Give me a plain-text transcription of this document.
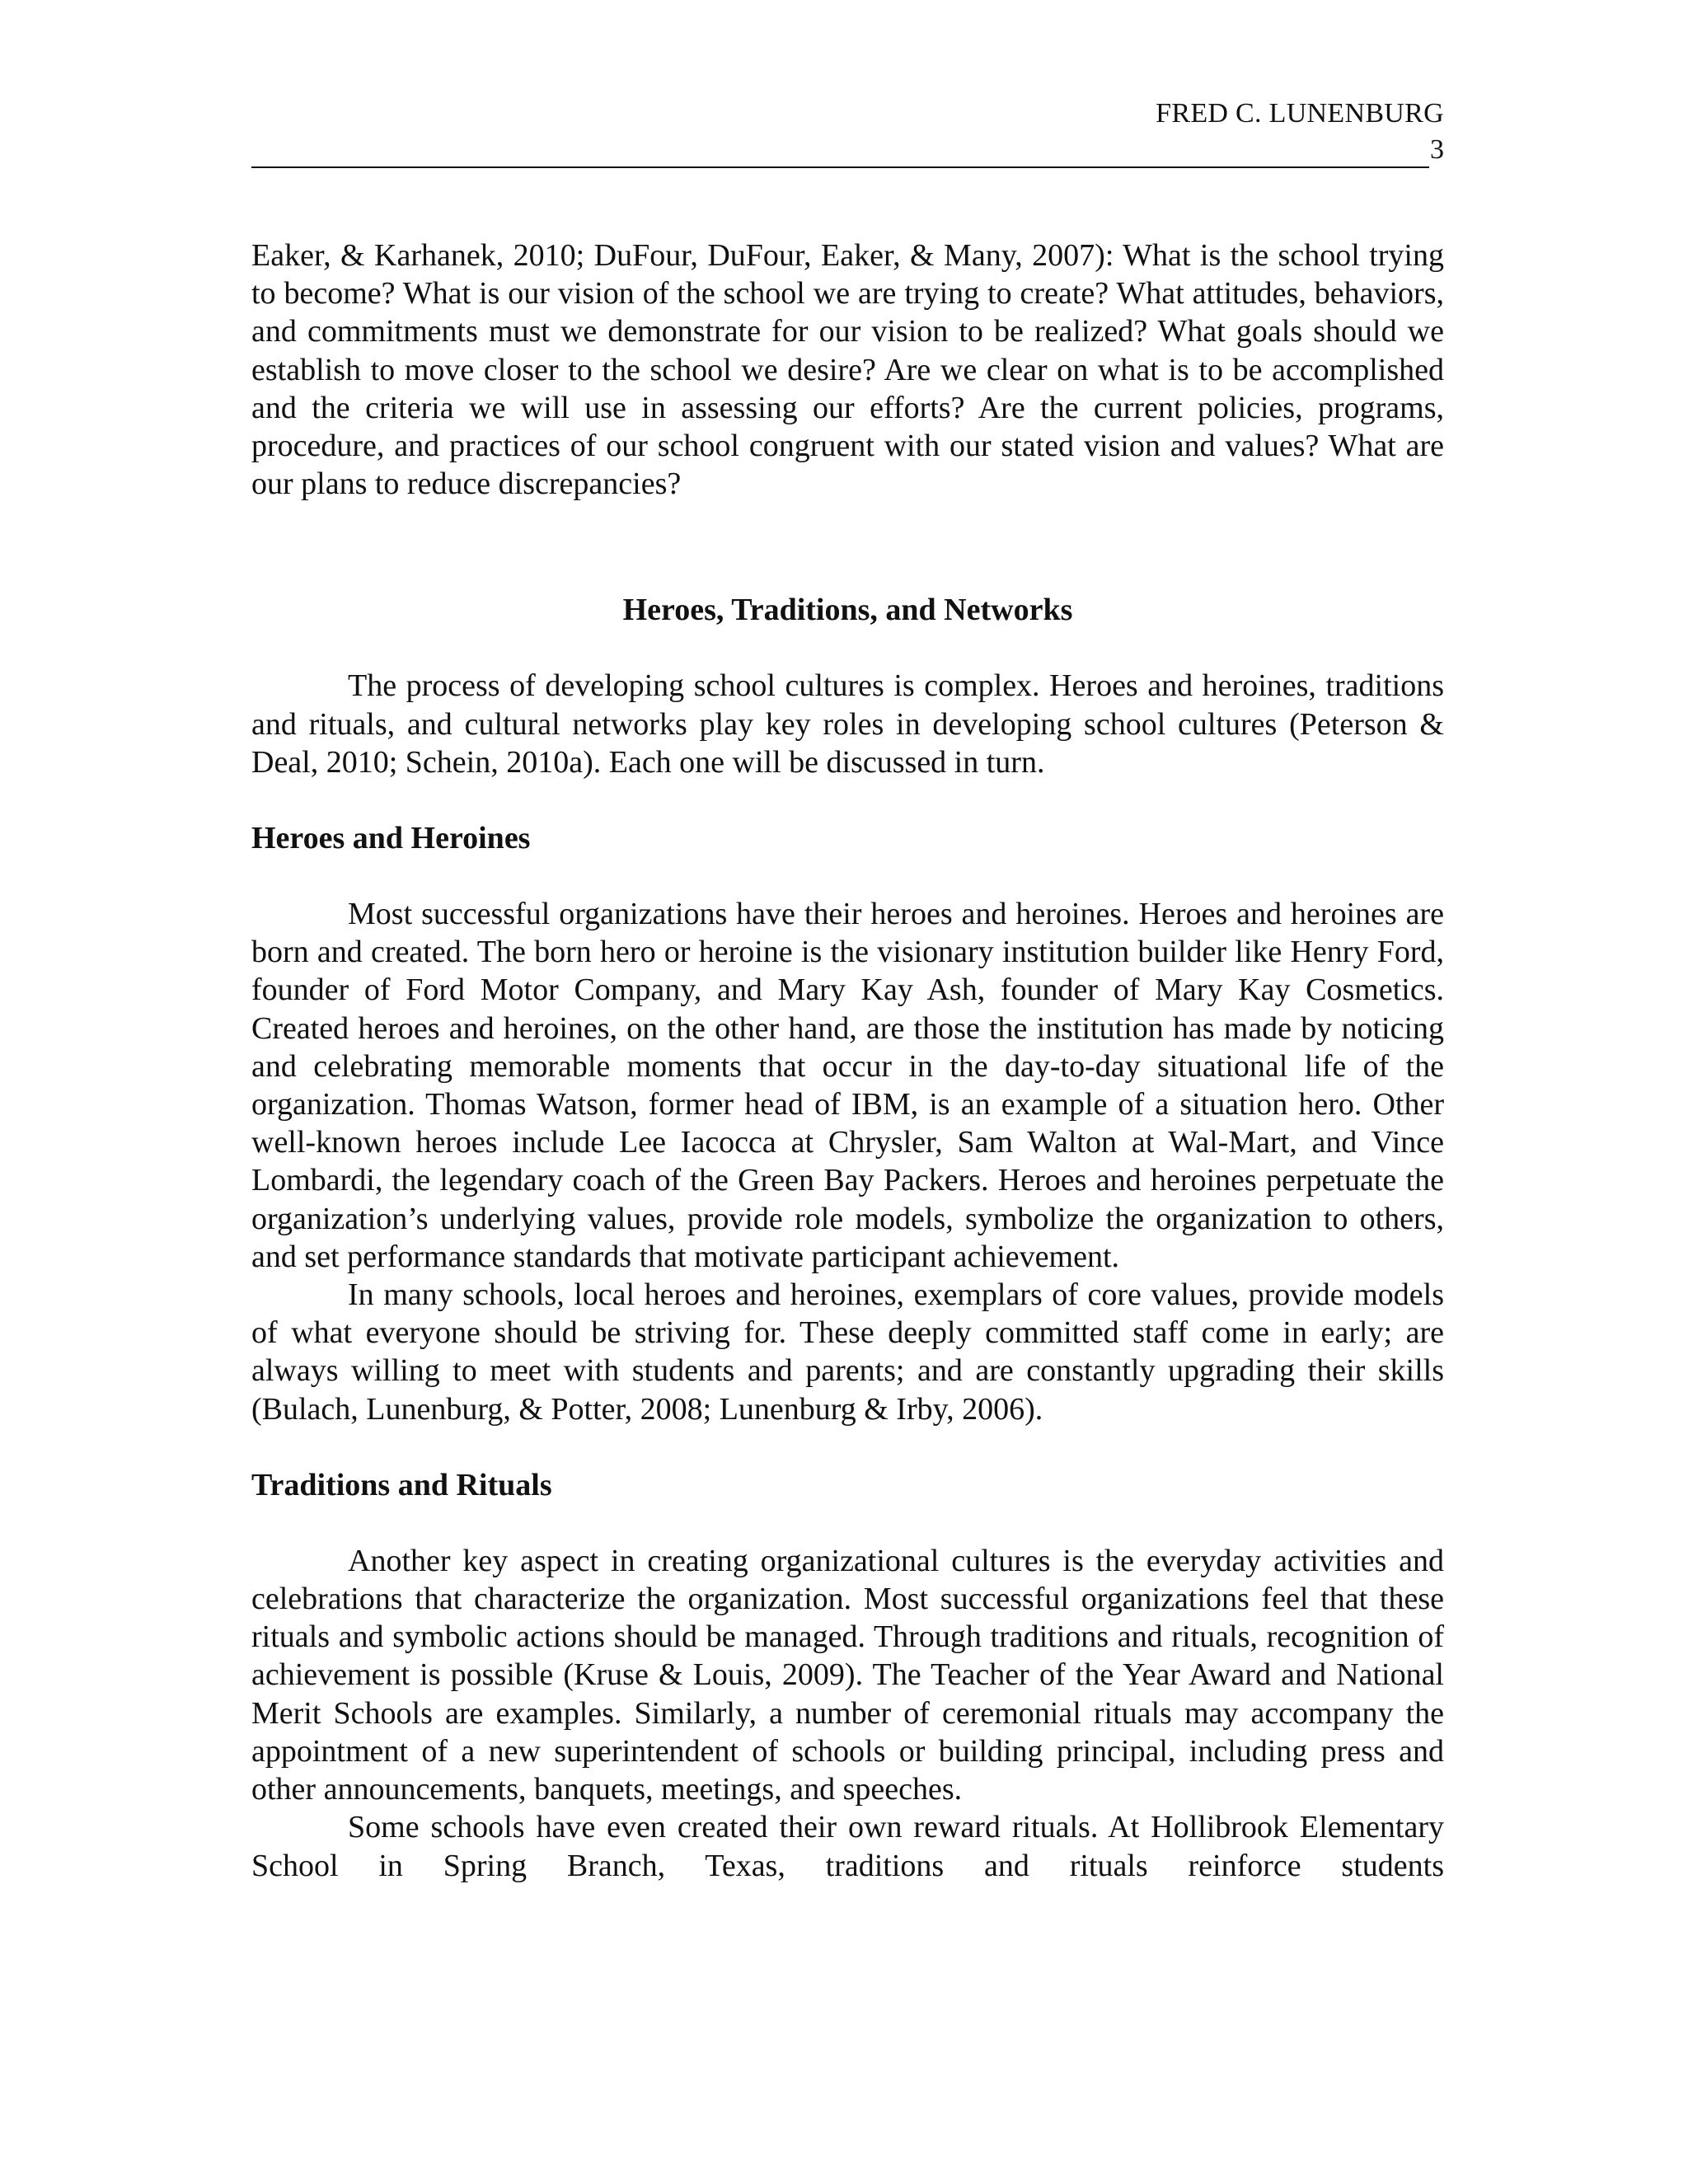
FRED C. LUNENBURG
3

Eaker, & Karhanek, 2010; DuFour, DuFour, Eaker, & Many, 2007): What is the school trying to become? What is our vision of the school we are trying to create? What attitudes, behaviors, and commitments must we demonstrate for our vision to be realized? What goals should we establish to move closer to the school we desire? Are we clear on what is to be accomplished and the criteria we will use in assessing our efforts? Are the current policies, programs, procedure, and practices of our school congruent with our stated vision and values? What are our plans to reduce discrepancies?

Heroes, Traditions, and Networks

The process of developing school cultures is complex. Heroes and heroines, traditions and rituals, and cultural networks play key roles in developing school cultures (Peterson & Deal, 2010; Schein, 2010a). Each one will be discussed in turn.

Heroes and Heroines

Most successful organizations have their heroes and heroines. Heroes and heroines are born and created. The born hero or heroine is the visionary institution builder like Henry Ford, founder of Ford Motor Company, and Mary Kay Ash, founder of Mary Kay Cosmetics. Created heroes and heroines, on the other hand, are those the institution has made by noticing and celebrating memorable moments that occur in the day-to-day situational life of the organization. Thomas Watson, former head of IBM, is an example of a situation hero. Other well-known heroes include Lee Iacocca at Chrysler, Sam Walton at Wal-Mart, and Vince Lombardi, the legendary coach of the Green Bay Packers. Heroes and heroines perpetuate the organization’s underlying values, provide role models, symbolize the organization to others, and set performance standards that motivate participant achievement.

In many schools, local heroes and heroines, exemplars of core values, provide models of what everyone should be striving for. These deeply committed staff come in early; are always willing to meet with students and parents; and are constantly upgrading their skills (Bulach, Lunenburg, & Potter, 2008; Lunenburg & Irby, 2006).

Traditions and Rituals

Another key aspect in creating organizational cultures is the everyday activities and celebrations that characterize the organization. Most successful organizations feel that these rituals and symbolic actions should be managed. Through traditions and rituals, recognition of achievement is possible (Kruse & Louis, 2009). The Teacher of the Year Award and National Merit Schools are examples. Similarly, a number of ceremonial rituals may accompany the appointment of a new superintendent of schools or building principal, including press and other announcements, banquets, meetings, and speeches.

Some schools have even created their own reward rituals. At Hollibrook Elementary School in Spring Branch, Texas, traditions and rituals reinforce students
